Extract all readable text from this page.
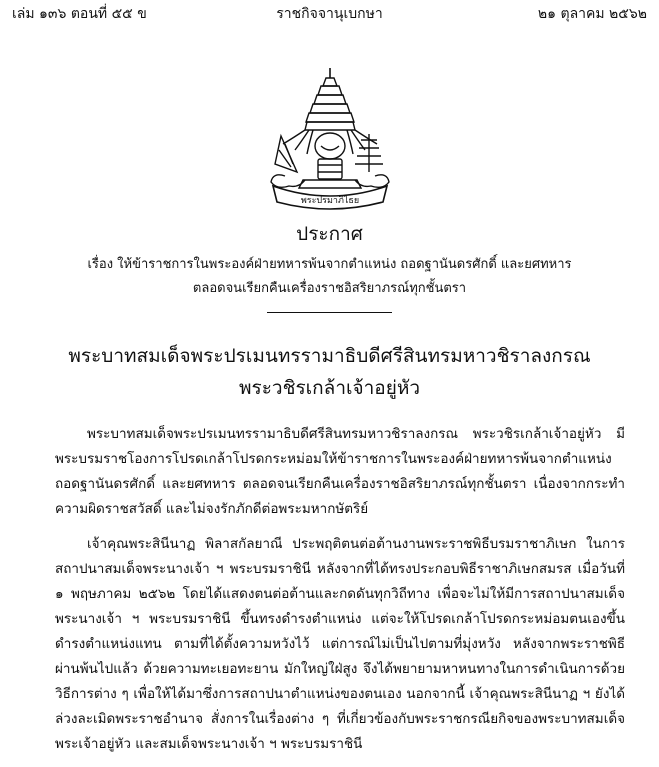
เล่ม ๑๓๖ ตอนที่ ๕๕ ข	ราชกิจจานุเบกษา	๒๑ ตุลาคม ๒๕๖๒
พระปรมาภิไธย
ประกาศ
เรื่อง ให้ข้าราชการในพระองค์ฝ่ายทหารพ้นจากตำแหน่ง ถอดฐานันดรศักดิ์ และยศทหาร
ตลอดจนเรียกคืนเครื่องราชอิสริยาภรณ์ทุกชั้นตรา
พระบาทสมเด็จพระปรเมนทรรามาธิบดีศรีสินทรมหาวชิราลงกรณ
พระวชิรเกล้าเจ้าอยู่หัว

พระบาทสมเด็จพระปรเมนทรรามาธิบดีศรีสินทรมหาวชิราลงกรณ พระวชิรเกล้าเจ้าอยู่หัว มีพระบรมราชโองการโปรดเกล้าโปรดกระหม่อมให้ข้าราชการในพระองค์ฝ่ายทหารพ้นจากตำแหน่ง ถอดฐานันดรศักดิ์ และยศทหาร ตลอดจนเรียกคืนเครื่องราชอิสริยาภรณ์ทุกชั้นตรา เนื่องจากกระทำความผิดราชสวัสดิ์ และไม่จงรักภักดีต่อพระมหากษัตริย์

เจ้าคุณพระสินีนาฏ พิลาสกัลยาณี ประพฤติตนต่อต้านงานพระราชพิธีบรมราชาภิเษก ในการสถาปนาสมเด็จพระนางเจ้า ฯ พระบรมราชินี หลังจากที่ได้ทรงประกอบพิธีราชาภิเษกสมรส เมื่อวันที่ ๑ พฤษภาคม ๒๕๖๒ โดยได้แสดงตนต่อต้านและกดดันทุกวิถีทาง เพื่อจะไม่ให้มีการสถาปนาสมเด็จพระนางเจ้า ฯ พระบรมราชินี ขึ้นทรงดำรงตำแหน่ง แต่จะให้โปรดเกล้าโปรดกระหม่อมตนเองขึ้นดำรงตำแหน่งแทน ตามที่ได้ตั้งความหวังไว้ แต่การณ์ไม่เป็นไปตามที่มุ่งหวัง หลังจากพระราชพิธีผ่านพ้นไปแล้ว ด้วยความทะเยอทะยาน มักใหญ่ใฝ่สูง จึงได้พยายามหาหนทางในการดำเนินการด้วยวิธีการต่าง ๆ เพื่อให้ได้มาซึ่งการสถาปนาตำแหน่งของตนเอง นอกจากนี้ เจ้าคุณพระสินีนาฏ ฯ ยังได้ล่วงละเมิดพระราชอำนาจ สั่งการในเรื่องต่าง ๆ ที่เกี่ยวข้องกับพระราชกรณียกิจของพระบาทสมเด็จพระเจ้าอยู่หัว และสมเด็จพระนางเจ้า ฯ พระบรมราชินี
